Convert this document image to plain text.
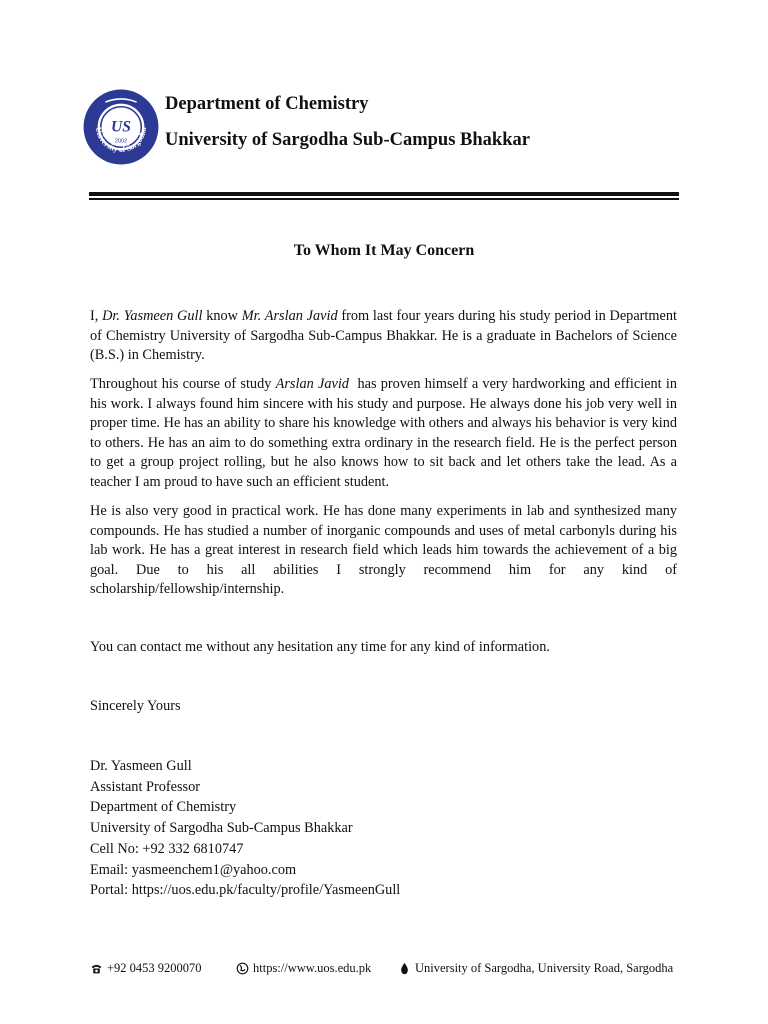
University of Sargodha
US
2002
Department of Chemistry
University of Sargodha Sub-Campus Bhakkar
To Whom It May Concern

I, Dr. Yasmeen Gull know Mr. Arslan Javid from last four years during his study period in Department of Chemistry University of Sargodha Sub-Campus Bhakkar. He is a graduate in Bachelors of Science (B.S.) in Chemistry.

Throughout his course of study Arslan Javid  has proven himself a very hardworking and efficient in his work. I always found him sincere with his study and purpose. He always done his job very well in proper time. He has an ability to share his knowledge with others and always his behavior is very kind to others. He has an aim to do something extra ordinary in the research field. He is the perfect person to get a group project rolling, but he also knows how to sit back and let others take the lead. As a teacher I am proud to have such an efficient student.

He is also very good in practical work. He has done many experiments in lab and synthesized many compounds. He has studied a number of inorganic compounds and uses of metal carbonyls during his lab work. He has a great interest in research field which leads him towards the achievement of a big goal. Due to his all abilities I strongly recommend him for any kind of scholarship/fellowship/internship.

You can contact me without any hesitation any time for any kind of information.
Sincerely Yours
Dr. Yasmeen Gull
Assistant Professor
Department of Chemistry
University of Sargodha Sub-Campus Bhakkar
Cell No: +92 332 6810747
Email: yasmeenchem1@yahoo.com
Portal: https://uos.edu.pk/faculty/profile/YasmeenGull
+92 0453 9200070	https://www.uos.edu.pk	University of Sargodha, University Road, Sargodha
